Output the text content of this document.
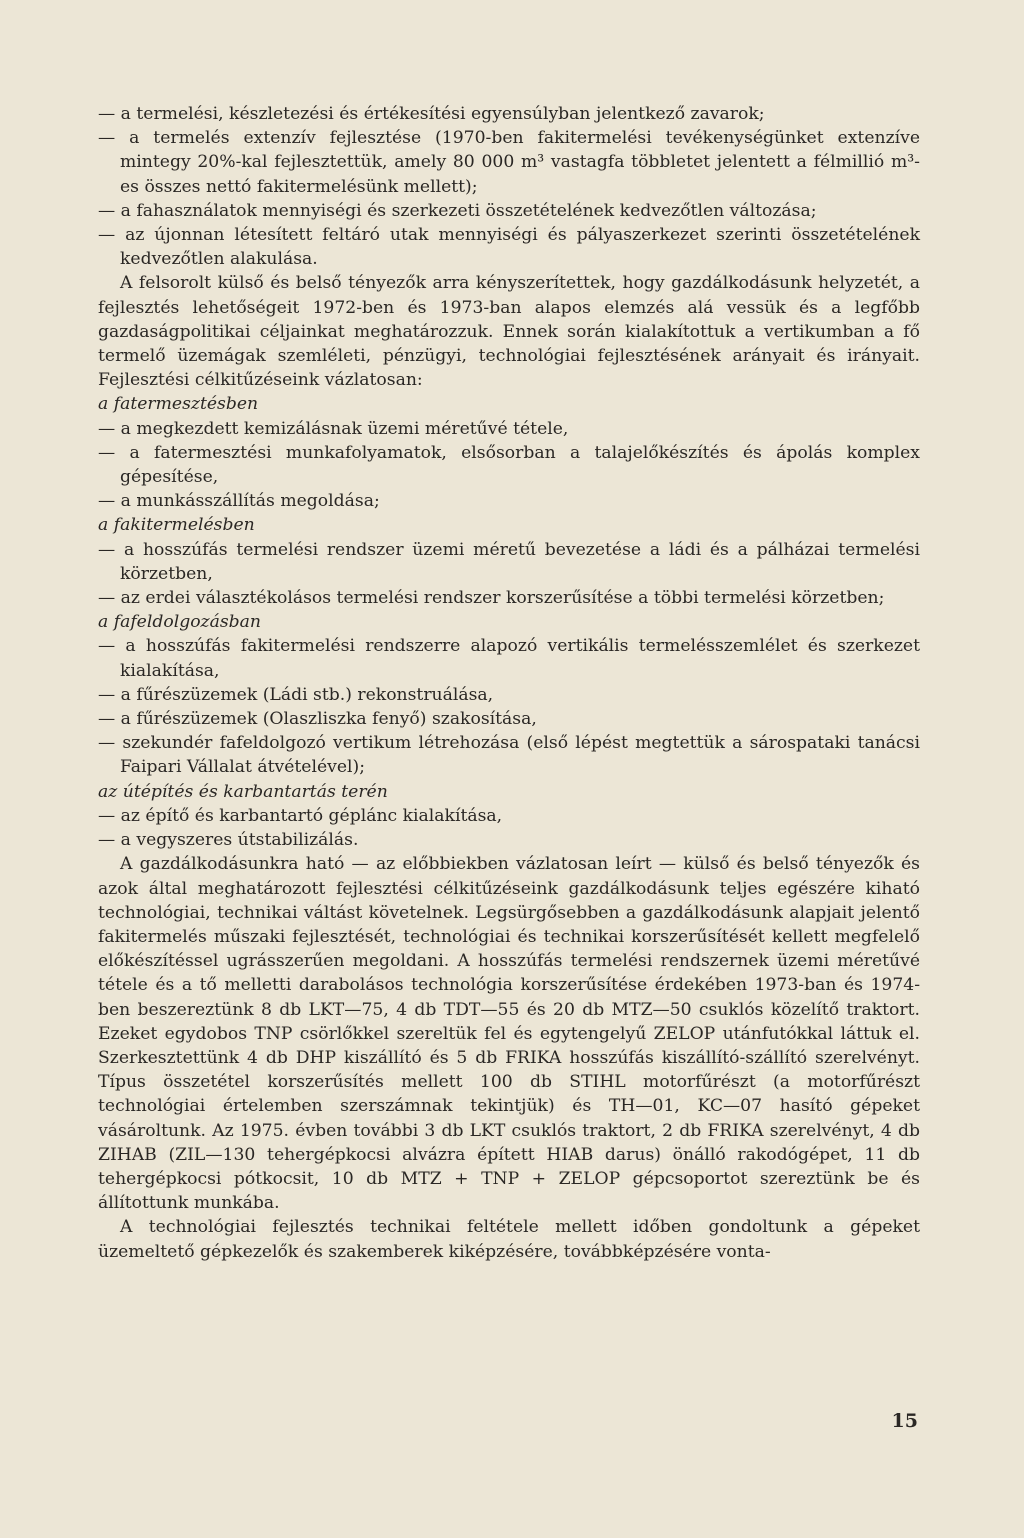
— a termelési, készletezési és értékesítési egyensúlyban jelentkező zavarok;

— a termelés extenzív fejlesztése (1970-ben fakitermelési tevékenységünket extenzíve mintegy 20%-kal fejlesztettük, amely 80 000 m³ vastagfa többletet jelentett a félmillió m³-es összes nettó fakitermelésünk mellett);

— a fahasználatok mennyiségi és szerkezeti összetételének kedvezőtlen változása;

— az újonnan létesített feltáró utak mennyiségi és pályaszerkezet szerinti összetételének kedvezőtlen alakulása.

A felsorolt külső és belső tényezők arra kényszerítettek, hogy gazdálkodásunk helyzetét, a fejlesztés lehetőségeit 1972-ben és 1973-ban alapos elemzés alá vessük és a legfőbb gazdaságpolitikai céljainkat meghatározzuk. Ennek során kialakítottuk a vertikumban a fő termelő üzemágak szemléleti, pénzügyi, technológiai fejlesztésének arányait és irányait. Fejlesztési célkitűzéseink vázlatosan:

a fatermesztésben

— a megkezdett kemizálásnak üzemi méretűvé tétele,

— a fatermesztési munkafolyamatok, elsősorban a talajelőkészítés és ápolás komplex gépesítése,

— a munkásszállítás megoldása;

a fakitermelésben

— a hosszúfás termelési rendszer üzemi méretű bevezetése a ládi és a pálházai termelési körzetben,

— az erdei választékolásos termelési rendszer korszerűsítése a többi termelési körzetben;

a fafeldolgozásban

— a hosszúfás fakitermelési rendszerre alapozó vertikális termelésszemlélet és szerkezet kialakítása,

— a fűrészüzemek (Ládi stb.) rekonstruálása,

— a fűrészüzemek (Olaszliszka fenyő) szakosítása,

— szekundér fafeldolgozó vertikum létrehozása (első lépést megtettük a sárospataki tanácsi Faipari Vállalat átvételével);

az útépítés és karbantartás terén

— az építő és karbantartó géplánc kialakítása,

— a vegyszeres útstabilizálás.

A gazdálkodásunkra ható — az előbbiekben vázlatosan leírt — külső és belső tényezők és azok által meghatározott fejlesztési célkitűzéseink gazdálkodásunk teljes egészére kiható technológiai, technikai váltást követelnek. Legsürgősebben a gazdálkodásunk alapjait jelentő fakitermelés műszaki fejlesztését, technológiai és technikai korszerűsítését kellett megfelelő előkészítéssel ugrásszerűen megoldani. A hosszúfás termelési rendszernek üzemi méretűvé tétele és a tő melletti darabolásos technológia korszerűsítése érdekében 1973-ban és 1974-ben beszereztünk 8 db LKT—75, 4 db TDT—55 és 20 db MTZ—50 csuklós közelítő traktort. Ezeket egydobos TNP csörlőkkel szereltük fel és egytengelyű ZELOP utánfutókkal láttuk el. Szerkesztettünk 4 db DHP kiszállító és 5 db FRIKA hosszúfás kiszállító-szállító szerelvényt. Típus összetétel korszerűsítés mellett 100 db STIHL motorfűrészt (a motorfűrészt technológiai értelemben szerszámnak tekintjük) és TH—01, KC—07 hasító gépeket vásároltunk. Az 1975. évben további 3 db LKT csuklós traktort, 2 db FRIKA szerelvényt, 4 db ZIHAB (ZIL—130 tehergépkocsi alvázra épített HIAB darus) önálló rakodógépet, 11 db tehergépkocsi pótkocsit, 10 db MTZ + TNP + ZELOP gépcsoportot szereztünk be és állítottunk munkába.

A technológiai fejlesztés technikai feltétele mellett időben gondoltunk a gépeket üzemeltető gépkezelők és szakemberek kiképzésére, továbbképzésére vonta-

15
